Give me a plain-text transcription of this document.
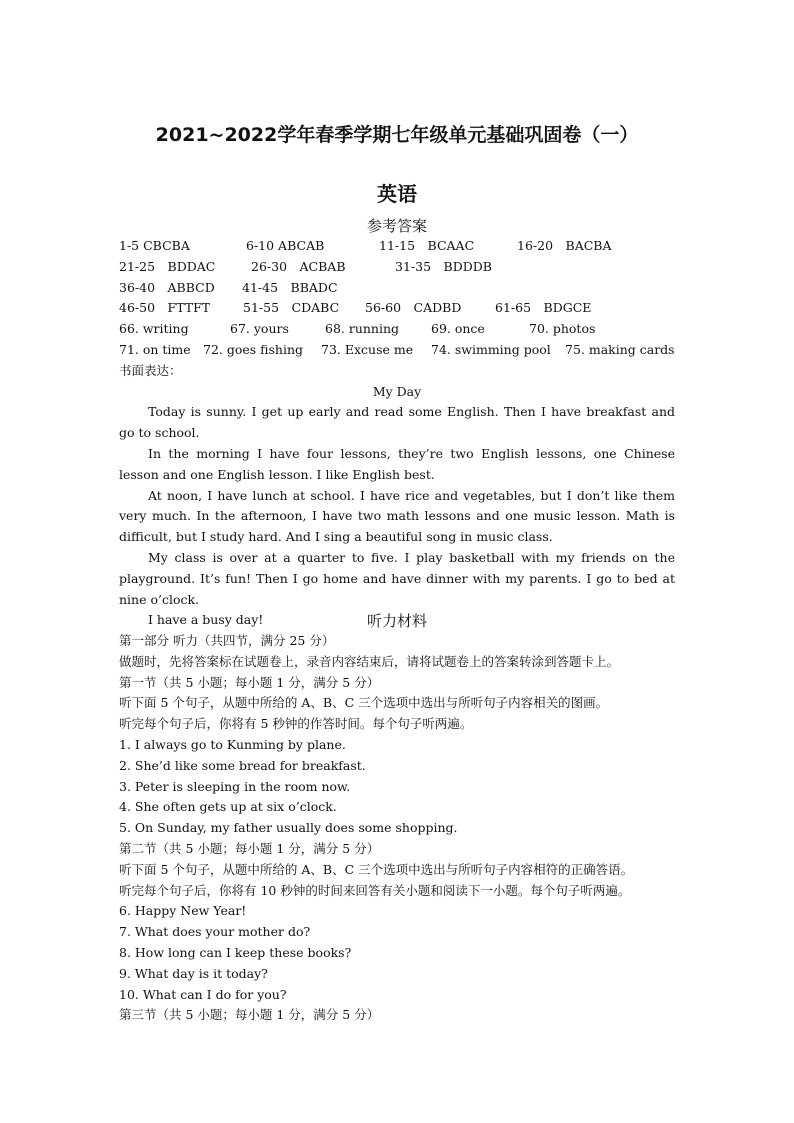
2021~2022学年春季学期七年级单元基础巩固卷（一）
英语
参考答案
1-5 CBCBA	6-10 ABCAB	11-15　BCAAC	16-20　BACBA
21-25　BDDAC	26-30　ACBAB	31-35　BDDDB
36-40　ABBCD	41-45　BBADC
46-50　FTTFT	51-55　CDABC	56-60　CADBD	61-65　BDGCE
66. writing	67. yours	68. running	69. once	70. photos
71. on time 72. goes fishing	73. Excuse me	74. swimming pool	75. making cards
书面表达：
My Day
Today is sunny. I get up early and read some English. Then I have breakfast and go to school.
In the morning I have four lessons, they’re two English lessons, one Chinese lesson and one English lesson. I like English best.
At noon, I have lunch at school. I have rice and vegetables, but I don’t like them very much. In the afternoon, I have two math lessons and one music lesson. Math is difficult, but I study hard. And I sing a beautiful song in music class.
My class is over at a quarter to five. I play basketball with my friends on the playground. It’s fun! Then I go home and have dinner with my parents. I go to bed at nine o’clock.
I have a busy day!	听力材料
第一部分 听力（共四节，满分 25 分）
做题时，先将答案标在试题卷上，录音内容结束后，请将试题卷上的答案转涂到答题卡上。
第一节（共 5 小题；每小题 1 分，满分 5 分）
听下面 5 个句子，从题中所给的 A、B、C 三个选项中选出与所听句子内容相关的图画。
听完每个句子后，你将有 5 秒钟的作答时间。每个句子听两遍。
1. I always go to Kunming by plane.
2. She’d like some bread for breakfast.
3. Peter is sleeping in the room now.
4. She often gets up at six o’clock.
5. On Sunday, my father usually does some shopping.
第二节（共 5 小题；每小题 1 分，满分 5 分）
听下面 5 个句子，从题中所给的 A、B、C 三个选项中选出与所听句子内容相符的正确答语。
听完每个句子后，你将有 10 秒钟的时间来回答有关小题和阅读下一小题。每个句子听两遍。
6. Happy New Year!
7. What does your mother do?
8. How long can I keep these books?
9. What day is it today?
10. What can I do for you?
第三节（共 5 小题；每小题 1 分，满分 5 分）
